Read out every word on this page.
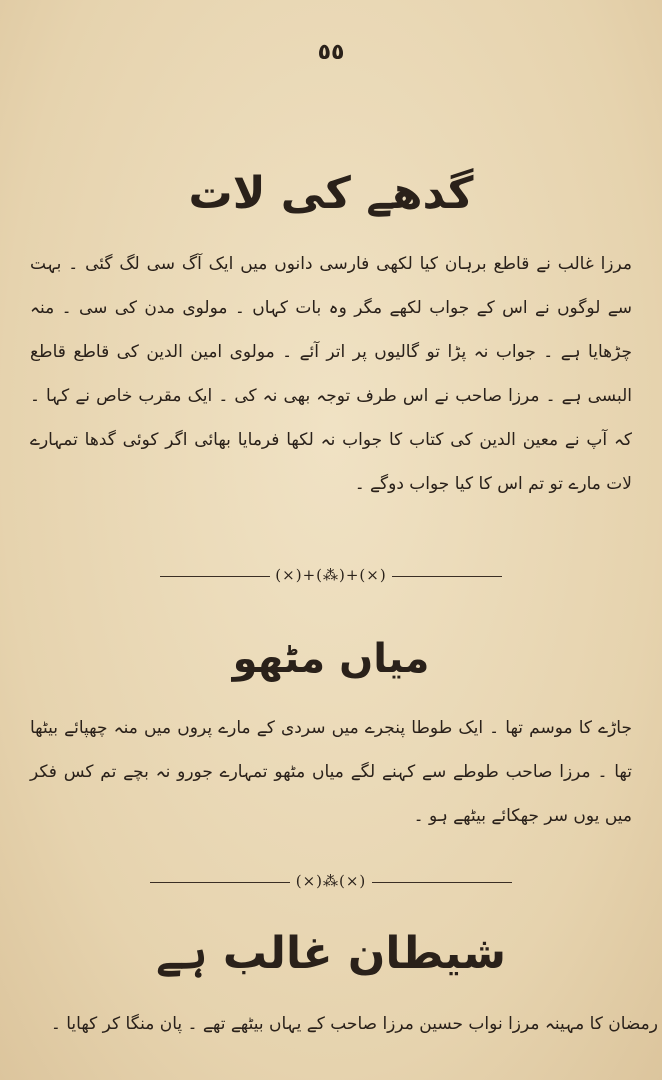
٥٥
گدھے کی لات
مرزا غالب نے قاطع برہان کیا لکھی فارسی دانوں میں ایک آگ سی لگ گئی ۔ بہت سے لوگوں نے اس کے جواب لکھے مگر وہ بات کہاں ۔ مولوی مدن کی سی ۔ منہ چڑھایا ہے ۔ جواب نہ پڑا تو گالیوں پر اتر آئے ۔ مولوی امین الدین کی قاطع قاطع البسی ہے ۔ مرزا صاحب نے اس طرف توجہ بھی نہ کی ۔ ایک مقرب خاص نے کہا ۔ کہ آپ نے معین الدین کی کتاب کا جواب نہ لکھا فرمایا بھائی اگر کوئی گدھا تمہارے لات مارے تو تم اس کا کیا جواب دوگے ۔
(×)+(⁂)+(×)
میاں مٹھو
جاڑے کا موسم تھا ۔ ایک طوطا پنجرے میں سردی کے مارے پروں میں منہ چھپائے بیٹھا تھا ۔ مرزا صاحب طوطے سے کہنے لگے میاں مٹھو تمہارے جورو نہ بچے تم کس فکر میں یوں سر جھکائے بیٹھے ہو ۔
(×)⁂(×)
شیطان غالب ہے
رمضان کا مہینہ مرزا نواب حسین مرزا صاحب کے یہاں بیٹھے تھے ۔ پان منگا کر کھایا ۔
